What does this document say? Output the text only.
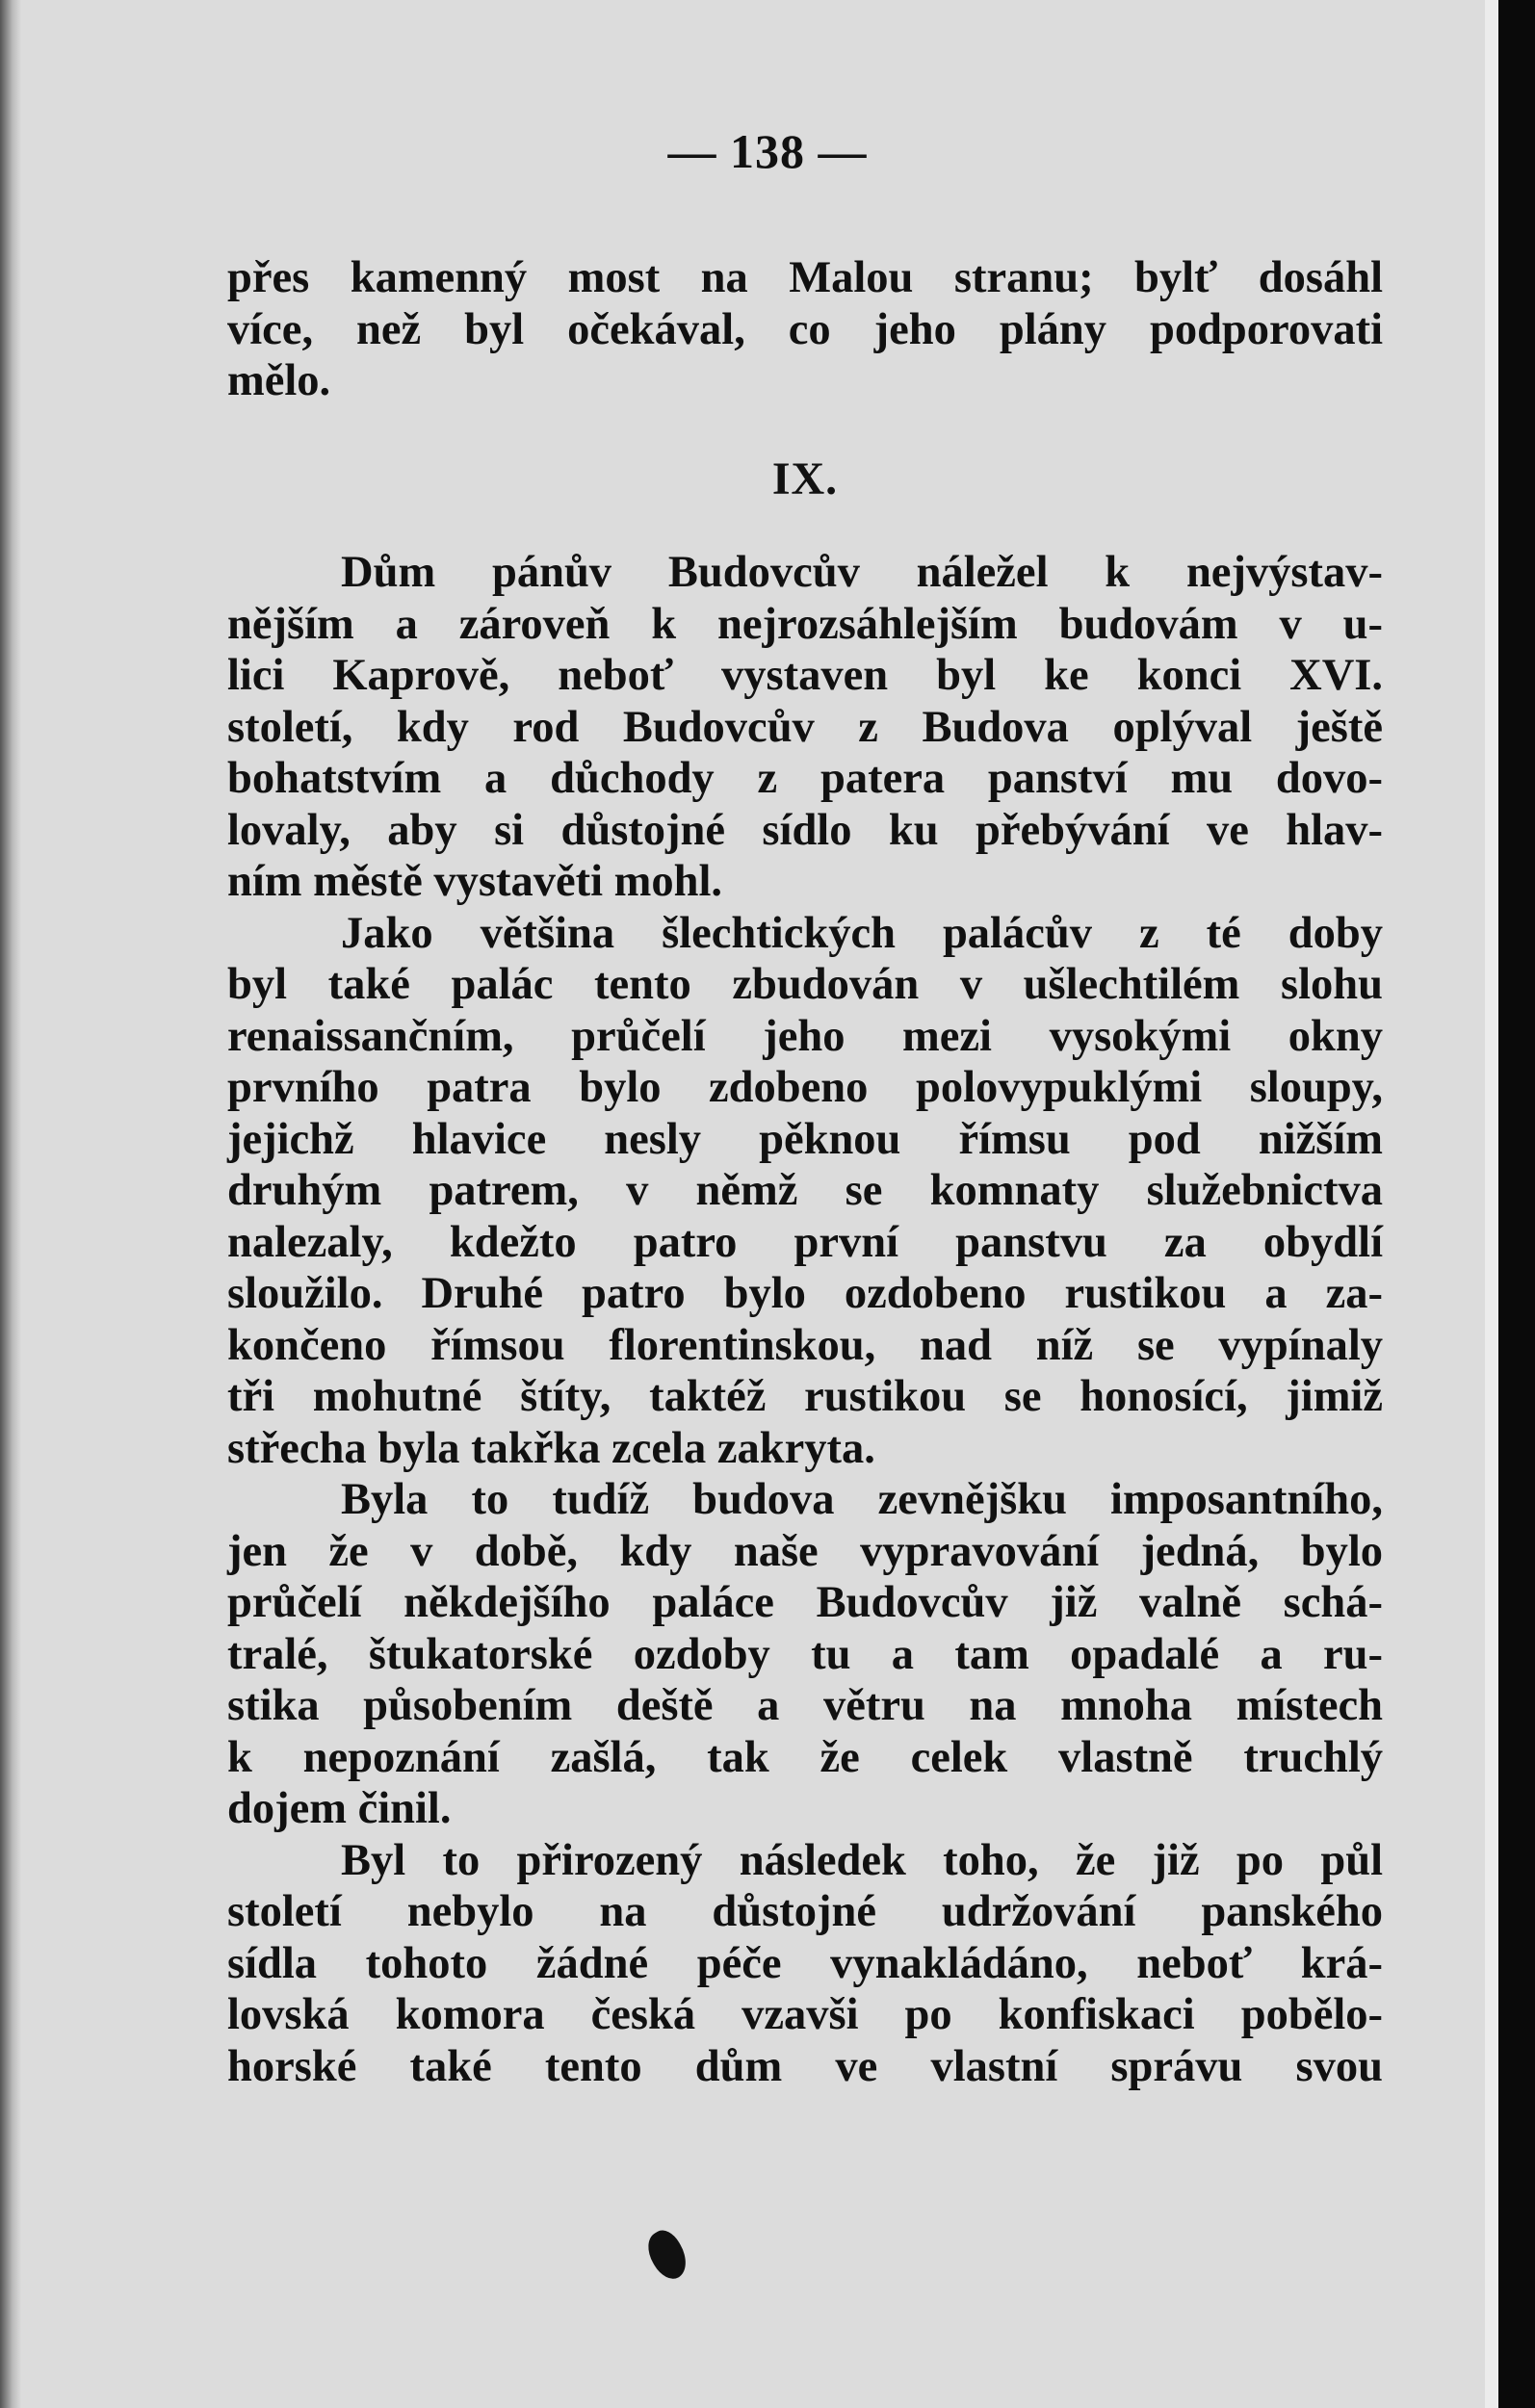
— 138 —
přes kamenný most na Malou stranu; bylť dosáhl
více, než byl očekával, co jeho plány podporovati
mělo.
IX.
Dům pánův Budovcův náležel k nejvýstav-
nějším a zároveň k nejrozsáhlejším budovám v u-
lici Kaprově, neboť vystaven byl ke konci XVI.
století, kdy rod Budovcův z Budova oplýval ještě
bohatstvím a důchody z patera panství mu dovo-
lovaly, aby si důstojné sídlo ku přebývání ve hlav-
ním městě vystavěti mohl.
Jako většina šlechtických palácův z té doby
byl také palác tento zbudován v ušlechtilém slohu
renaissančním, průčelí jeho mezi vysokými okny
prvního patra bylo zdobeno polovypuklými sloupy,
jejichž hlavice nesly pěknou římsu pod nižším
druhým patrem, v němž se komnaty služebnictva
nalezaly, kdežto patro první panstvu za obydlí
sloužilo. Druhé patro bylo ozdobeno rustikou a za-
končeno římsou florentinskou, nad níž se vypínaly
tři mohutné štíty, taktéž rustikou se honosící, jimiž
střecha byla takřka zcela zakryta.
Byla to tudíž budova zevnějšku imposantního,
jen že v době, kdy naše vypravování jedná, bylo
průčelí někdejšího paláce Budovcův již valně schá-
tralé, štukatorské ozdoby tu a tam opadalé a ru-
stika působením deště a větru na mnoha místech
k nepoznání zašlá, tak že celek vlastně truchlý
dojem činil.
Byl to přirozený následek toho, že již po půl
století nebylo na důstojné udržování panského
sídla tohoto žádné péče vynakládáno, neboť krá-
lovská komora česká vzavši po konfiskaci pobělo-
horské také tento dům ve vlastní správu svou
